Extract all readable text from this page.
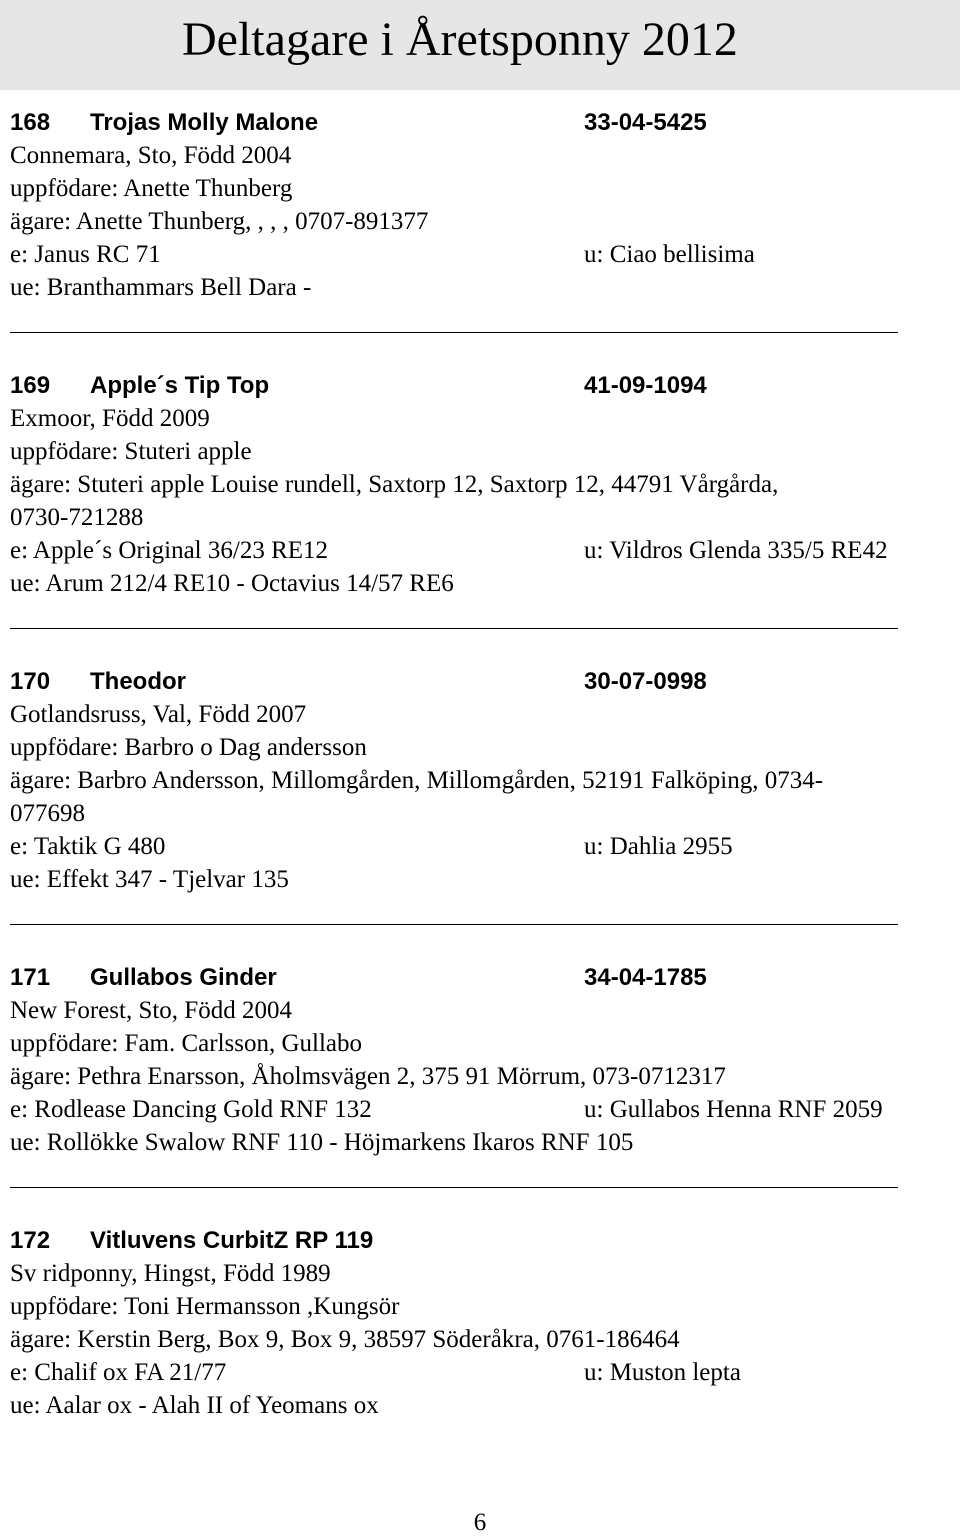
Deltagare i Åretsponny 2012
168 Trojas Molly Malone	33-04-5425
Connemara, Sto, Född 2004
uppfödare: Anette Thunberg
ägare: Anette Thunberg, , , , 0707-891377
e: Janus RC 71	u: Ciao bellisima
ue: Branthammars Bell Dara -
169 Apple´s Tip Top	41-09-1094
Exmoor, Född 2009
uppfödare: Stuteri apple
ägare: Stuteri apple Louise rundell, Saxtorp 12, Saxtorp 12, 44791 Vårgårda,
0730-721288
e: Apple´s Original 36/23 RE12	u: Vildros Glenda 335/5 RE42
ue: Arum 212/4 RE10 - Octavius 14/57 RE6
170 Theodor	30-07-0998
Gotlandsruss, Val, Född 2007
uppfödare: Barbro o Dag andersson
ägare: Barbro Andersson, Millomgården, Millomgården, 52191 Falköping, 0734-
077698
e: Taktik G 480	u: Dahlia 2955
ue: Effekt 347 - Tjelvar 135
171 Gullabos Ginder	34-04-1785
New Forest, Sto, Född 2004
uppfödare: Fam. Carlsson, Gullabo
ägare: Pethra Enarsson, Åholmsvägen 2, 375 91 Mörrum, 073-0712317
e: Rodlease Dancing Gold RNF 132	u: Gullabos Henna RNF 2059
ue: Rollökke Swalow RNF 110 - Höjmarkens Ikaros RNF 105
172 Vitluvens CurbitZ RP 119
Sv ridponny, Hingst, Född 1989
uppfödare: Toni Hermansson ,Kungsör
ägare: Kerstin Berg, Box 9, Box 9, 38597 Söderåkra, 0761-186464
e: Chalif ox FA 21/77	u: Muston lepta
ue: Aalar ox - Alah II of Yeomans ox
6
